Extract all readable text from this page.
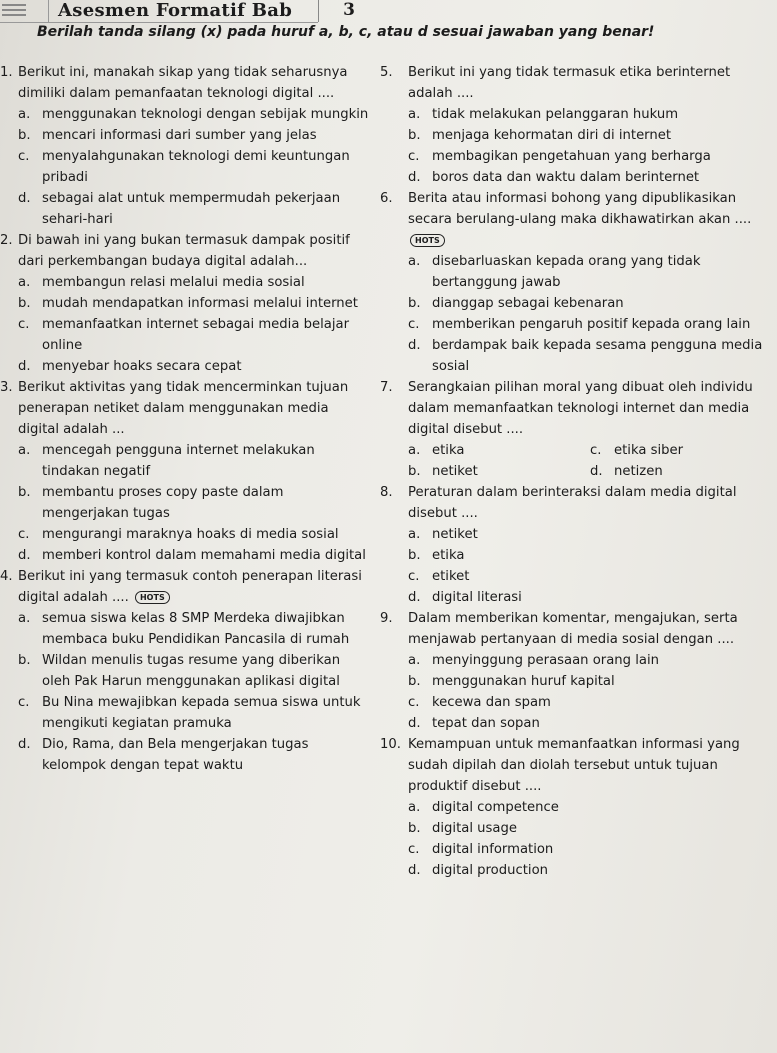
Asesmen Formatif Bab	3
Berilah tanda silang (x) pada huruf a, b, c, atau d sesuai jawaban yang benar!
1. Berikut ini, manakah sikap yang tidak seharusnya dimiliki dalam pemanfaatan teknologi digital ....
a. menggunakan teknologi dengan sebijak mungkin
b. mencari informasi dari sumber yang jelas
c. menyalahgunakan teknologi demi keuntungan pribadi
d. sebagai alat untuk mempermudah pekerjaan sehari-hari
2. Di bawah ini yang bukan termasuk dampak positif dari perkembangan budaya digital adalah...
a. membangun relasi melalui media sosial
b. mudah mendapatkan informasi melalui internet
c. memanfaatkan internet sebagai media belajar online
d. menyebar hoaks secara cepat
3. Berikut aktivitas yang tidak mencerminkan tujuan penerapan netiket dalam menggunakan media digital adalah ...
a. mencegah pengguna internet melakukan tindakan negatif
b. membantu proses copy paste dalam mengerjakan tugas
c. mengurangi maraknya hoaks di media sosial
d. memberi kontrol dalam memahami media digital
4. Berikut ini yang termasuk contoh penerapan literasi digital adalah .... HOTS
a. semua siswa kelas 8 SMP Merdeka diwajibkan membaca buku Pendidikan Pancasila di rumah
b. Wildan menulis tugas resume yang diberikan oleh Pak Harun menggunakan aplikasi digital
c. Bu Nina mewajibkan kepada semua siswa untuk mengikuti kegiatan pramuka
d. Dio, Rama, dan Bela mengerjakan tugas kelompok dengan tepat waktu
5. Berikut ini yang tidak termasuk etika berinternet adalah ....
a. tidak melakukan pelanggaran hukum
b. menjaga kehormatan diri di internet
c. membagikan pengetahuan yang berharga
d. boros data dan waktu dalam berinternet
6. Berita atau informasi bohong yang dipublikasikan secara berulang-ulang maka dikhawatirkan akan .... HOTS
a. disebarluaskan kepada orang yang tidak bertanggung jawab
b. dianggap sebagai kebenaran
c. memberikan pengaruh positif kepada orang lain
d. berdampak baik kepada sesama pengguna media sosial
7. Serangkaian pilihan moral yang dibuat oleh individu dalam memanfaatkan teknologi internet dan media digital disebut ....
a. etika	c. etika siber
b. netiket	d. netizen
8. Peraturan dalam berinteraksi dalam media digital disebut ....
a. netiket
b. etika
c. etiket
d. digital literasi
9. Dalam memberikan komentar, mengajukan, serta menjawab pertanyaan di media sosial dengan ....
a. menyinggung perasaan orang lain
b. menggunakan huruf kapital
c. kecewa dan spam
d. tepat dan sopan
10. Kemampuan untuk memanfaatkan informasi yang sudah dipilah dan diolah tersebut untuk tujuan produktif disebut ....
a. digital competence
b. digital usage
c. digital information
d. digital production
